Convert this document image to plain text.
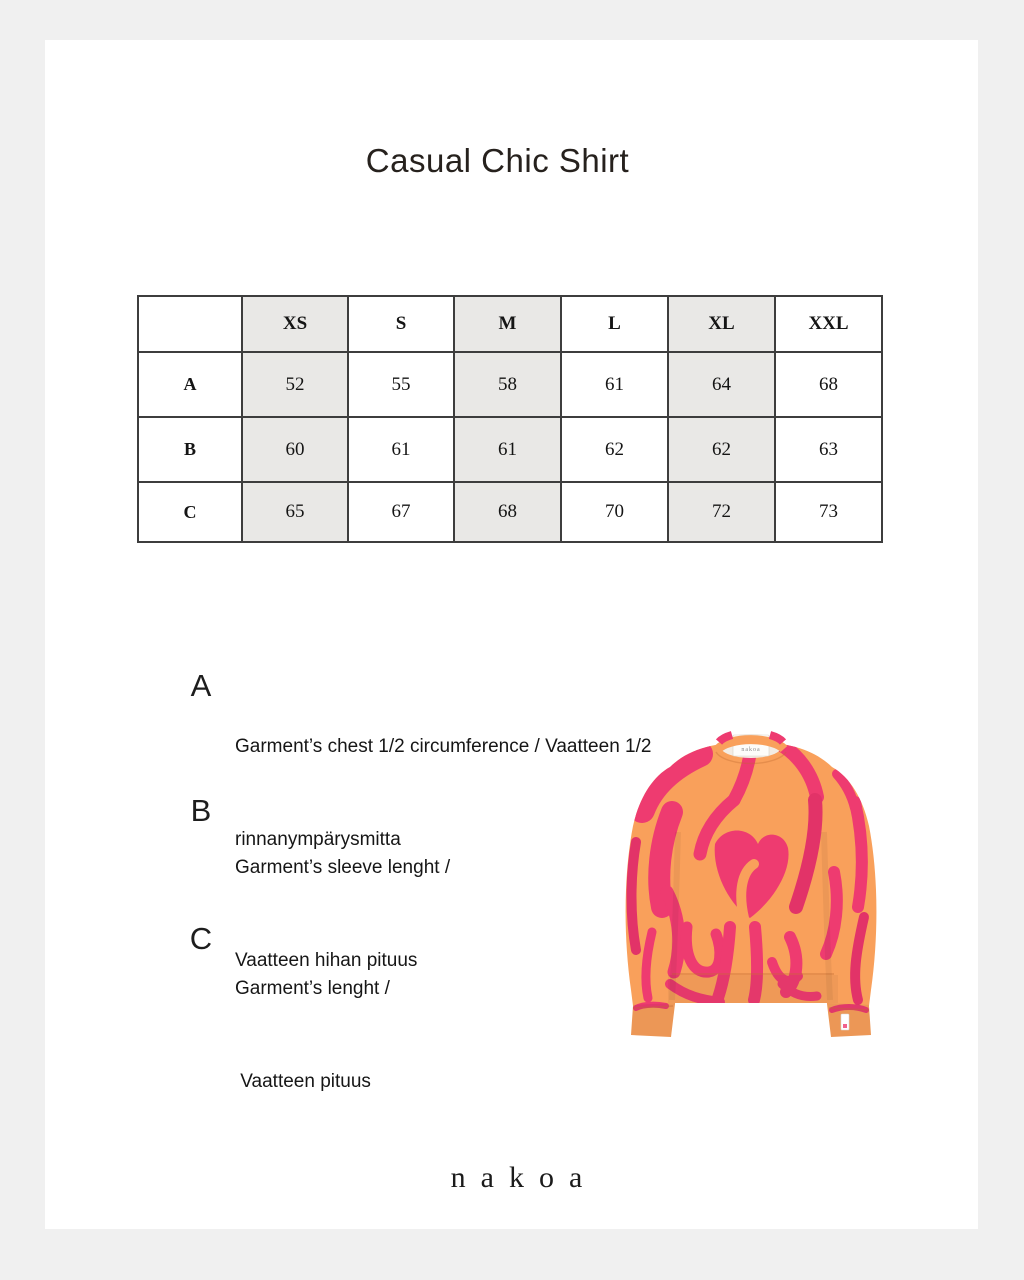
Casual Chic Shirt
	XS	S	M	L	XL	XXL
A	52	55	58	61	64	68
B	60	61	61	62	62	63
C	65	67	68	70	72	73
A

Garment’s chest 1/2 circumference / Vaatteen 1/2

rinnanympärysmitta

B

Garment’s sleeve lenght /

Vaatteen hihan pituus

C

Garment’s lenght /

Vaatteen pituus

nakoa
nakoa
